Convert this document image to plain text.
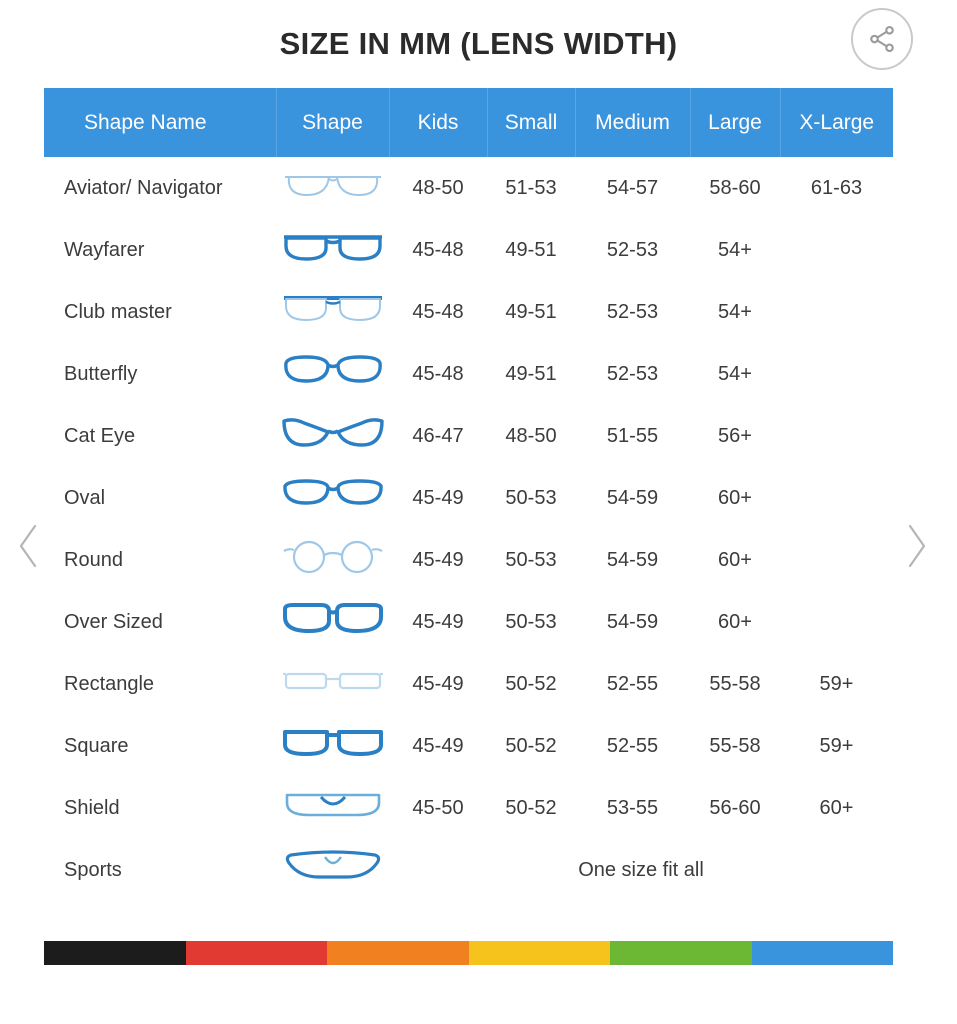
SIZE IN MM (LENS WIDTH)
Shape Name	Shape	Kids	Small	Medium	Large	X-Large
Aviator/ Navigator		48-50	51-53	54-57	58-60	61-63
Wayfarer		45-48	49-51	52-53	54+	
Club master		45-48	49-51	52-53	54+	
Butterfly		45-48	49-51	52-53	54+	
Cat Eye		46-47	48-50	51-55	56+	
Oval		45-49	50-53	54-59	60+	
Round		45-49	50-53	54-59	60+	
Over Sized		45-49	50-53	54-59	60+	
Rectangle		45-49	50-52	52-55	55-58	59+
Square		45-49	50-52	52-55	55-58	59+
Shield		45-50	50-52	53-55	56-60	60+
Sports		One size fit all				
